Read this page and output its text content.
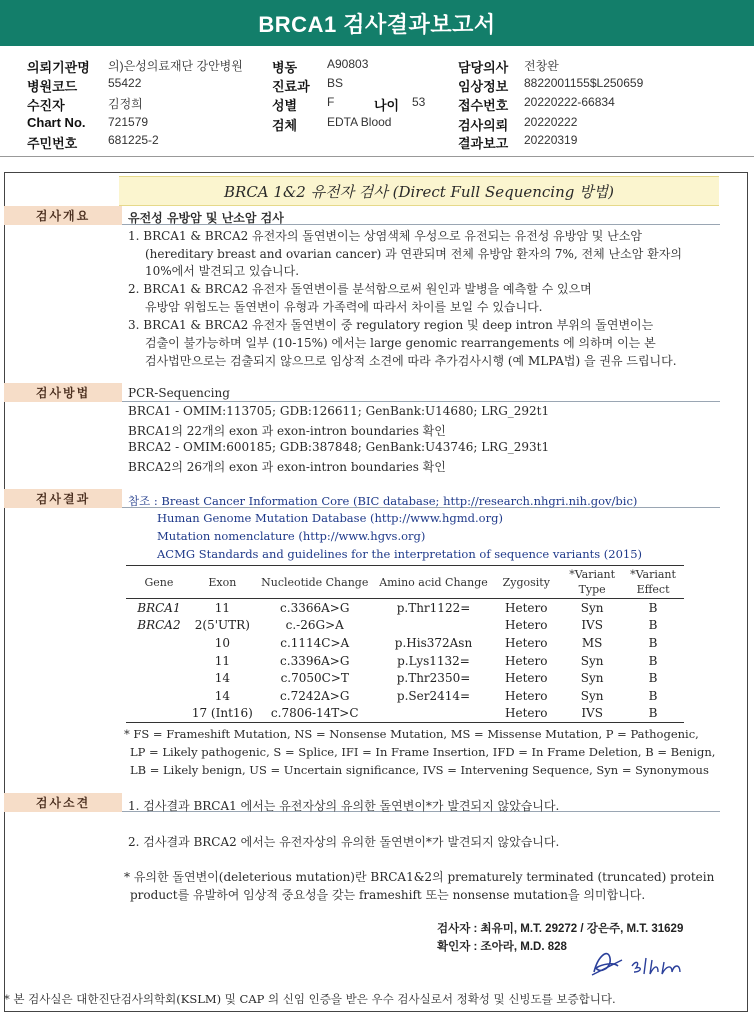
BRCA1 검사결과보고서
의뢰기관명 의)은성의료재단 강안병원
병원코드	55422
수진자	김정희
Chart No. 721579
주민번호	681225-2
병동 A90803
진료과 BS
성별 F	나이 53
검체 EDTA Blood
담당의사 전창완
임상정보 8822001155$L250659
접수번호 20220222-66834
검사의뢰 20220222
결과보고 20220319
BRCA 1&2 유전자 검사 (Direct Full Sequencing 방법)
검사개요	유전성 유방암 및 난소암 검사
1. BRCA1 & BRCA2 유전자의 돌연변이는 상염색체 우성으로 유전되는 유전성 유방암 및 난소암
(hereditary breast and ovarian cancer) 과 연관되며 전체 유방암 환자의 7%, 전체 난소암 환자의
10%에서 발견되고 있습니다.
2. BRCA1 & BRCA2 유전자 돌연변이를 분석함으로써 원인과 발병을 예측할 수 있으며
유방암 위험도는 돌연변이 유형과 가족력에 따라서 차이를 보일 수 있습니다.
3. BRCA1 & BRCA2 유전자 돌연변이 중 regulatory region 및 deep intron 부위의 돌연변이는
검출이 불가능하며 일부 (10-15%) 에서는 large genomic rearrangements 에 의하며 이는 본
검사법만으로는 검출되지 않으므로 임상적 소견에 따라 추가검사시행 (예 MLPA법) 을 권유 드립니다.
검사방법	PCR-Sequencing
BRCA1 - OMIM:113705; GDB:126611; GenBank:U14680; LRG_292t1
BRCA1의 22개의 exon 과 exon-intron boundaries 확인
BRCA2 - OMIM:600185; GDB:387848; GenBank:U43746; LRG_293t1
BRCA2의 26개의 exon 과 exon-intron boundaries 확인
검사결과	참조 : Breast Cancer Information Core (BIC database; http://research.nhgri.nih.gov/bic)
Human Genome Mutation Database (http://www.hgmd.org)
Mutation nomenclature (http://www.hgvs.org)
ACMG Standards and guidelines for the interpretation of sequence variants (2015)
Gene	Exon	Nucleotide Change	Amino acid Change	Zygosity	*Variant Type	*Variant Effect
BRCA1	11	c.3366A>G	p.Thr1122=	Hetero	Syn	B
BRCA2	2(5'UTR)	c.-26G>A		Hetero	IVS	B
	10	c.1114C>A	p.His372Asn	Hetero	MS	B
	11	c.3396A>G	p.Lys1132=	Hetero	Syn	B
	14	c.7050C>T	p.Thr2350=	Hetero	Syn	B
	14	c.7242A>G	p.Ser2414=	Hetero	Syn	B
	17 (Int16)	c.7806-14T>C		Hetero	IVS	B
* FS = Frameshift Mutation, NS = Nonsense Mutation, MS = Missense Mutation, P = Pathogenic,
LP = Likely pathogenic, S = Splice, IFI = In Frame Insertion, IFD = In Frame Deletion, B = Benign,
LB = Likely benign, US = Uncertain significance, IVS = Intervening Sequence, Syn = Synonymous
검사소견	1. 검사결과 BRCA1 에서는 유전자상의 유의한 돌연변이*가 발견되지 않았습니다.
2. 검사결과 BRCA2 에서는 유전자상의 유의한 돌연변이*가 발견되지 않았습니다.
* 유의한 돌연변이(deleterious mutation)란 BRCA1&2의 prematurely terminated (truncated) protein
product를 유발하여 임상적 중요성을 갖는 frameshift 또는 nonsense mutation을 의미합니다.
검사자 : 최유미, M.T. 29272 / 강은주, M.T. 31629
확인자 : 조아라, M.D. 828
* 본 검사실은 대한진단검사의학회(KSLM) 및 CAP 의 신임 인증을 받은 우수 검사실로서 정확성 및 신빙도를 보증합니다.
